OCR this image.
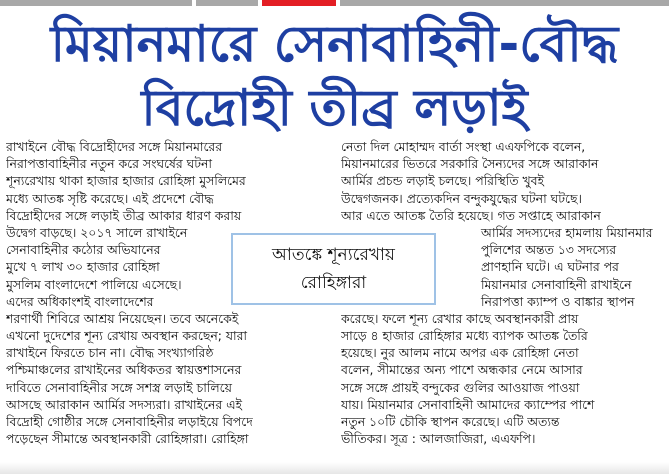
মিয়ানমারে সেনাবাহিনী-বৌদ্ধ
বিদ্রোহী তীব্র লড়াই
রাখাইনে বৌদ্ধ বিদ্রোহীদের সঙ্গে মিয়ানমারের
নিরাপত্তাবাহিনীর নতুন করে সংঘর্ষের ঘটনা
শূন্যরেখায় থাকা হাজার হাজার রোহিঙ্গা মুসলিমের
মধ্যে আতঙ্ক সৃষ্টি করেছে। এই প্রদেশে বৌদ্ধ
বিদ্রোহীদের সঙ্গে লড়াই তীব্র আকার ধারণ করায়
উদ্বেগ বাড়ছে। ২০১৭ সালে রাখাইনে
সেনাবাহিনীর কঠোর অভিযানের
মুখে ৭ লাখ ৩০ হাজার রোহিঙ্গা
মুসলিম বাংলাদেশে পালিয়ে এসেছে।
এদের অধিকাংশই বাংলাদেশের
শরণার্থী শিবিরে আশ্রয় নিয়েছেন। তবে অনেকেই
এখনো দুদেশের শূন্য রেখায় অবস্থান করছেন; যারা
রাখাইনে ফিরতে চান না। বৌদ্ধ সংখ্যাগরিষ্ঠ
পশ্চিমাঞ্চলের রাখাইনের অধিকতর স্বায়ত্তশাসনের
দাবিতে সেনাবাহিনীর সঙ্গে সশস্ত্র লড়াই চালিয়ে
আসছে আরাকান আর্মির সদস্যরা। রাখাইনের এই
বিদ্রোহী গোষ্ঠীর সঙ্গে সেনাবাহিনীর লড়াইয়ে বিপদে
পড়েছেন সীমান্তে অবস্থানকারী রোহিঙ্গারা। রোহিঙ্গা
নেতা দিল মোহাম্মদ বার্তা সংস্থা এএফপিকে বলেন,
মিয়ানমারের ভিতরে সরকারি সৈন্যদের সঙ্গে আরাকান
আর্মির প্রচন্ড লড়াই চলছে। পরিস্থিতি খুবই
উদ্বেগজনক। প্রত্যেকদিন বন্দুকযুদ্ধের ঘটনা ঘটছে।
আর এতে আতঙ্ক তৈরি হয়েছে। গত সপ্তাহে আরাকান
আর্মির সদস্যদের হামলায় মিয়ানমার
পুলিশের অন্তত ১৩ সদস্যের
প্রাণহানি ঘটে। এ ঘটনার পর
মিয়ানমার সেনাবাহিনী রাখাইনে
নিরাপত্তা ক্যাম্প ও বাঙ্কার স্থাপন
করেছে। ফলে শূন্য রেখার কাছে অবস্থানকারী প্রায়
সাড়ে ৪ হাজার রোহিঙ্গার মধ্যে ব্যাপক আতঙ্ক তৈরি
হয়েছে। নুর আলম নামে অপর এক রোহিঙ্গা নেতা
বলেন, সীমান্তের অন্য পাশে অন্ধকার নেমে আসার
সঙ্গে সঙ্গে প্রায়ই বন্দুকের গুলির আওয়াজ পাওয়া
যায়। মিয়ানমার সেনাবাহিনী আমাদের ক্যাম্পের পাশে
নতুন ১০টি চৌকি স্থাপন করেছে। এটি অত্যন্ত
ভীতিকর। সূত্র : আলজাজিরা, এএফপি।
আতঙ্কে শূন্যরেখায়
রোহিঙ্গারা
